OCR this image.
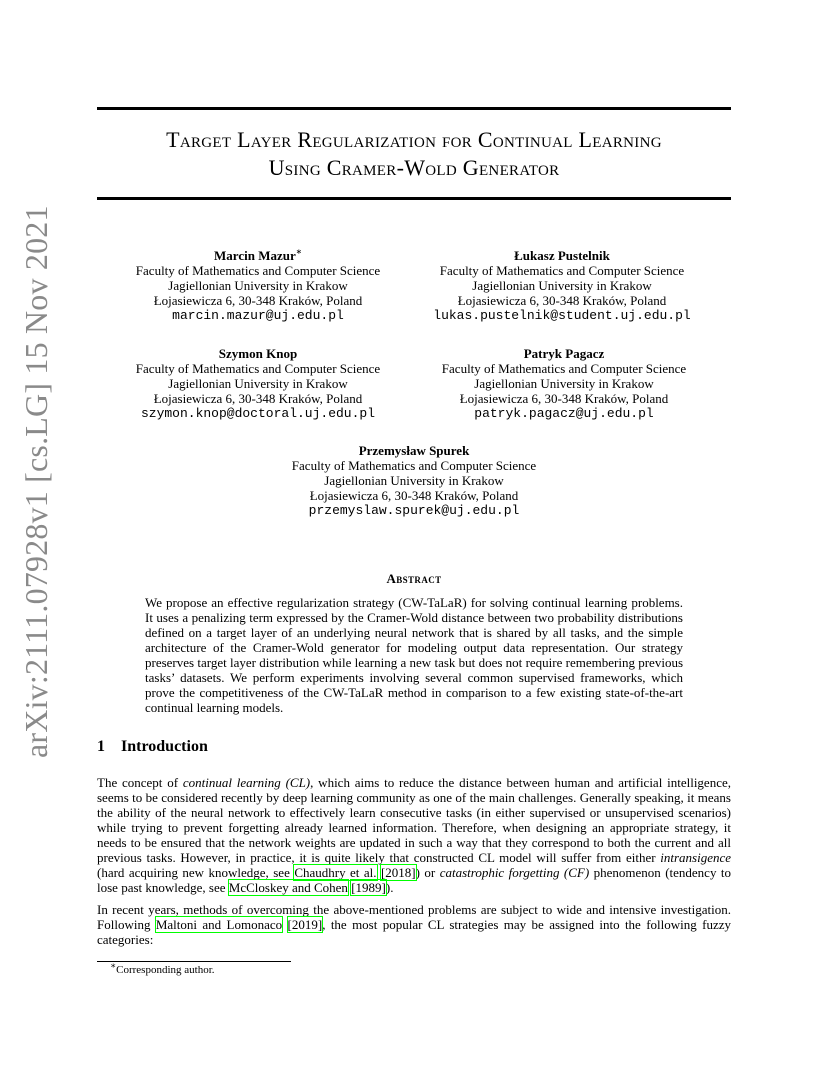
arXiv:2111.07928v1 [cs.LG] 15 Nov 2021
Target Layer Regularization for Continual Learning
Using Cramer-Wold Generator
Marcin Mazur∗
Faculty of Mathematics and Computer Science
Jagiellonian University in Krakow
Łojasiewicza 6, 30-348 Kraków, Poland
marcin.mazur@uj.edu.pl
Łukasz Pustelnik
Faculty of Mathematics and Computer Science
Jagiellonian University in Krakow
Łojasiewicza 6, 30-348 Kraków, Poland
lukas.pustelnik@student.uj.edu.pl
Szymon Knop
Faculty of Mathematics and Computer Science
Jagiellonian University in Krakow
Łojasiewicza 6, 30-348 Kraków, Poland
szymon.knop@doctoral.uj.edu.pl
Patryk Pagacz
Faculty of Mathematics and Computer Science
Jagiellonian University in Krakow
Łojasiewicza 6, 30-348 Kraków, Poland
patryk.pagacz@uj.edu.pl
Przemysław Spurek
Faculty of Mathematics and Computer Science
Jagiellonian University in Krakow
Łojasiewicza 6, 30-348 Kraków, Poland
przemyslaw.spurek@uj.edu.pl
Abstract
We propose an effective regularization strategy (CW-TaLaR) for solving continual learning problems. It uses a penalizing term expressed by the Cramer-Wold distance between two probability distributions defined on a target layer of an underlying neural network that is shared by all tasks, and the simple architecture of the Cramer-Wold generator for modeling output data representation. Our strategy preserves target layer distribution while learning a new task but does not require remembering previous tasks’ datasets. We perform experiments involving several common supervised frameworks, which prove the competitiveness of the CW-TaLaR method in comparison to a few existing state-of-the-art continual learning models.
1 Introduction
The concept of continual learning (CL), which aims to reduce the distance between human and artificial intelligence, seems to be considered recently by deep learning community as one of the main challenges. Generally speaking, it means the ability of the neural network to effectively learn consecutive tasks (in either supervised or unsupervised scenarios) while trying to prevent forgetting already learned information. Therefore, when designing an appropriate strategy, it needs to be ensured that the network weights are updated in such a way that they correspond to both the current and all previous tasks. However, in practice, it is quite likely that constructed CL model will suffer from either intransigence (hard acquiring new knowledge, see Chaudhry et al. [2018]) or catastrophic forgetting (CF) phenomenon (tendency to lose past knowledge, see McCloskey and Cohen [1989]).
In recent years, methods of overcoming the above-mentioned problems are subject to wide and intensive investigation. Following Maltoni and Lomonaco [2019], the most popular CL strategies may be assigned into the following fuzzy categories:
∗Corresponding author.
